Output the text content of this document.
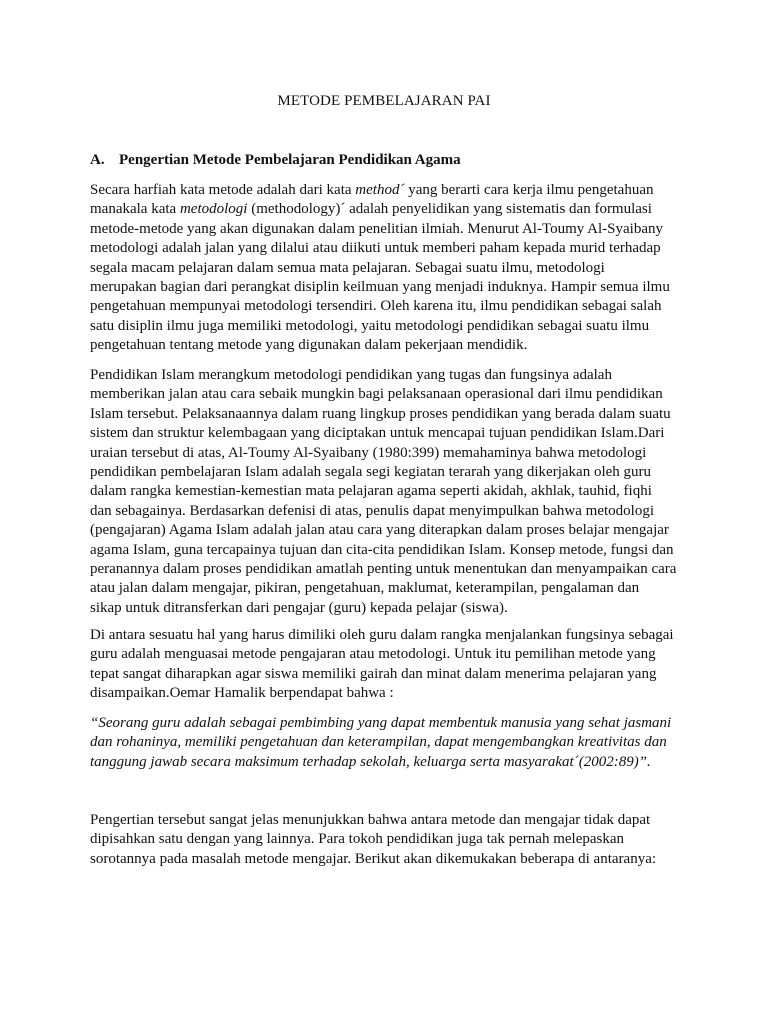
METODE PEMBELAJARAN PAI
A. Pengertian Metode Pembelajaran Pendidikan Agama
Secara harfiah kata metode adalah dari kata method´ yang berarti cara kerja ilmu pengetahuan
manakala kata metodologi (methodology)´ adalah penyelidikan yang sistematis dan formulasi
metode-metode yang akan digunakan dalam penelitian ilmiah. Menurut Al-Toumy Al-Syaibany
metodologi adalah jalan yang dilalui atau diikuti untuk memberi paham kepada murid terhadap
segala macam pelajaran dalam semua mata pelajaran. Sebagai suatu ilmu, metodologi
merupakan bagian dari perangkat disiplin keilmuan yang menjadi induknya. Hampir semua ilmu
pengetahuan mempunyai metodologi tersendiri. Oleh karena itu, ilmu pendidikan sebagai salah
satu disiplin ilmu juga memiliki metodologi, yaitu metodologi pendidikan sebagai suatu ilmu
pengetahuan tentang metode yang digunakan dalam pekerjaan mendidik.
Pendidikan Islam merangkum metodologi pendidikan yang tugas dan fungsinya adalah
memberikan jalan atau cara sebaik mungkin bagi pelaksanaan operasional dari ilmu pendidikan
Islam tersebut. Pelaksanaannya dalam ruang lingkup proses pendidikan yang berada dalam suatu
sistem dan struktur kelembagaan yang diciptakan untuk mencapai tujuan pendidikan Islam.Dari
uraian tersebut di atas, Al-Toumy Al-Syaibany (1980:399) memahaminya bahwa metodologi
pendidikan pembelajaran Islam adalah segala segi kegiatan terarah yang dikerjakan oleh guru
dalam rangka kemestian-kemestian mata pelajaran agama seperti akidah, akhlak, tauhid, fiqhi
dan sebagainya. Berdasarkan defenisi di atas, penulis dapat menyimpulkan bahwa metodologi
(pengajaran) Agama Islam adalah jalan atau cara yang diterapkan dalam proses belajar mengajar
agama Islam, guna tercapainya tujuan dan cita-cita pendidikan Islam. Konsep metode, fungsi dan
peranannya dalam proses pendidikan amatlah penting untuk menentukan dan menyampaikan cara
atau jalan dalam mengajar, pikiran, pengetahuan, maklumat, keterampilan, pengalaman dan
sikap untuk ditransferkan dari pengajar (guru) kepada pelajar (siswa).
Di antara sesuatu hal yang harus dimiliki oleh guru dalam rangka menjalankan fungsinya sebagai
guru adalah menguasai metode pengajaran atau metodologi. Untuk itu pemilihan metode yang
tepat sangat diharapkan agar siswa memiliki gairah dan minat dalam menerima pelajaran yang
disampaikan.Oemar Hamalik berpendapat bahwa :
“Seorang guru adalah sebagai pembimbing yang dapat membentuk manusia yang sehat jasmani
dan rohaninya, memiliki pengetahuan dan keterampilan, dapat mengembangkan kreativitas dan
tanggung jawab secara maksimum terhadap sekolah, keluarga serta masyarakat´(2002:89)”.
Pengertian tersebut sangat jelas menunjukkan bahwa antara metode dan mengajar tidak dapat
dipisahkan satu dengan yang lainnya. Para tokoh pendidikan juga tak pernah melepaskan
sorotannya pada masalah metode mengajar. Berikut akan dikemukakan beberapa di antaranya:
